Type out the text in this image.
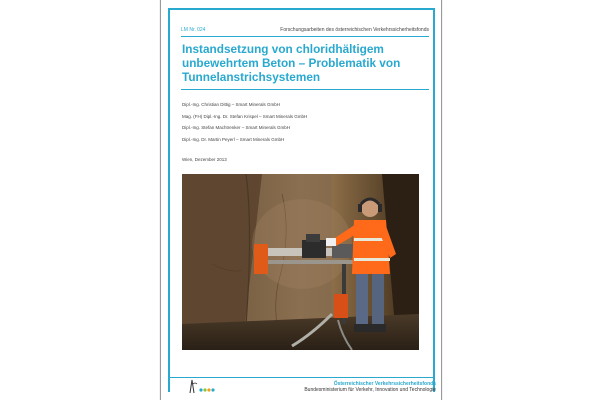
LM Nr. 024	Forschungsarbeiten des österreichischen Verkehrssicherheitsfonds
Instandsetzung von chloridhältigem
unbewehrtem Beton – Problematik von
Tunnelanstrichsystemen
Dipl.-Ing. Christian Dittig – Smart Minerals GmbH
Mag. (FH) Dipl.-Ing. Dr. Stefan Krispel – Smart Minerals GmbH
Dipl.-Ing. Stefan Machtrenker – Smart Minerals GmbH
Dipl.-Ing. Dr. Martin Peyerl – Smart Minerals GmbH
Wien, Dezember 2013
Österreichischer Verkehrssicherheitsfonds
Bundesministerium für Verkehr, Innovation und Technologie
